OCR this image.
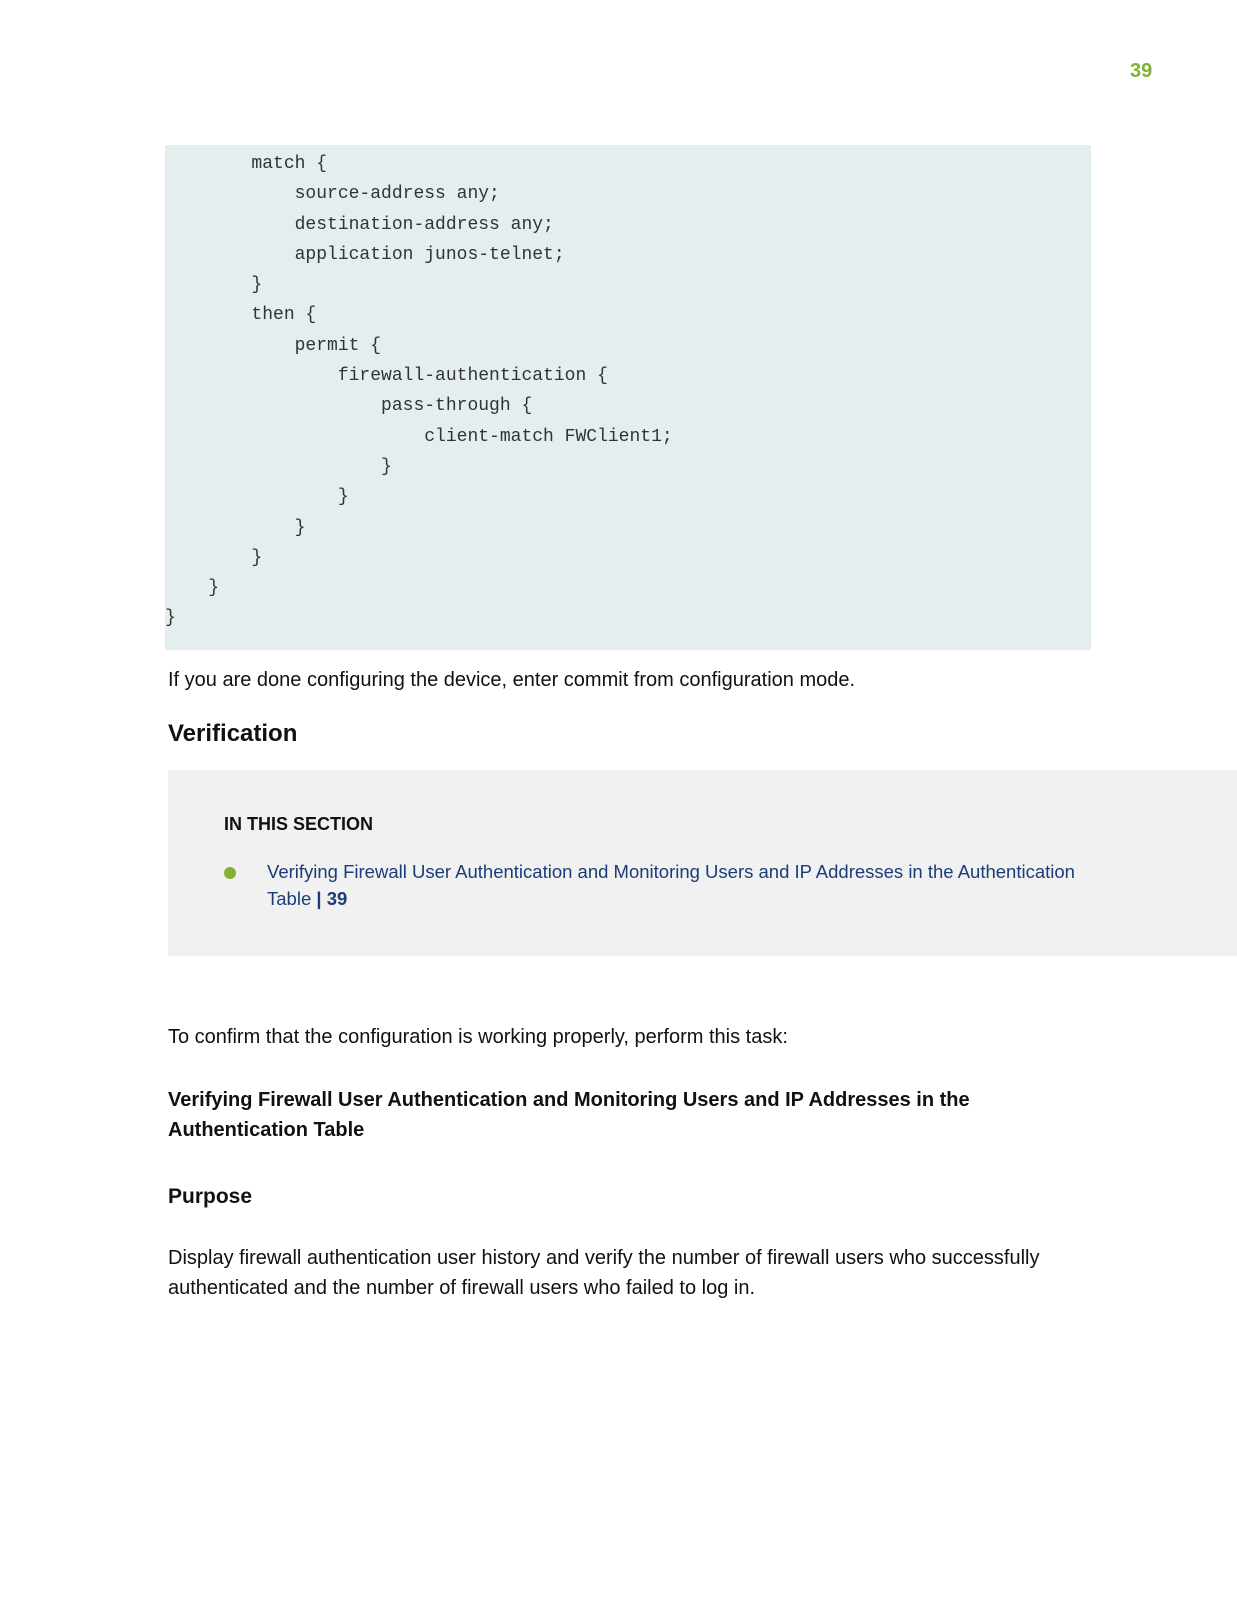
39
match {
source-address any;
destination-address any;
application junos-telnet;
}
then {
permit {
firewall-authentication {
pass-through {
client-match FWClient1;
}
}
}
}
}
}

If you are done configuring the device, enter commit from configuration mode.

Verification
IN THIS SECTION
Verifying Firewall User Authentication and Monitoring Users and IP Addresses in the Authentication Table | 39

To confirm that the configuration is working properly, perform this task:

Verifying Firewall User Authentication and Monitoring Users and IP Addresses in the Authentication Table
Purpose

Display firewall authentication user history and verify the number of firewall users who successfully authenticated and the number of firewall users who failed to log in.
